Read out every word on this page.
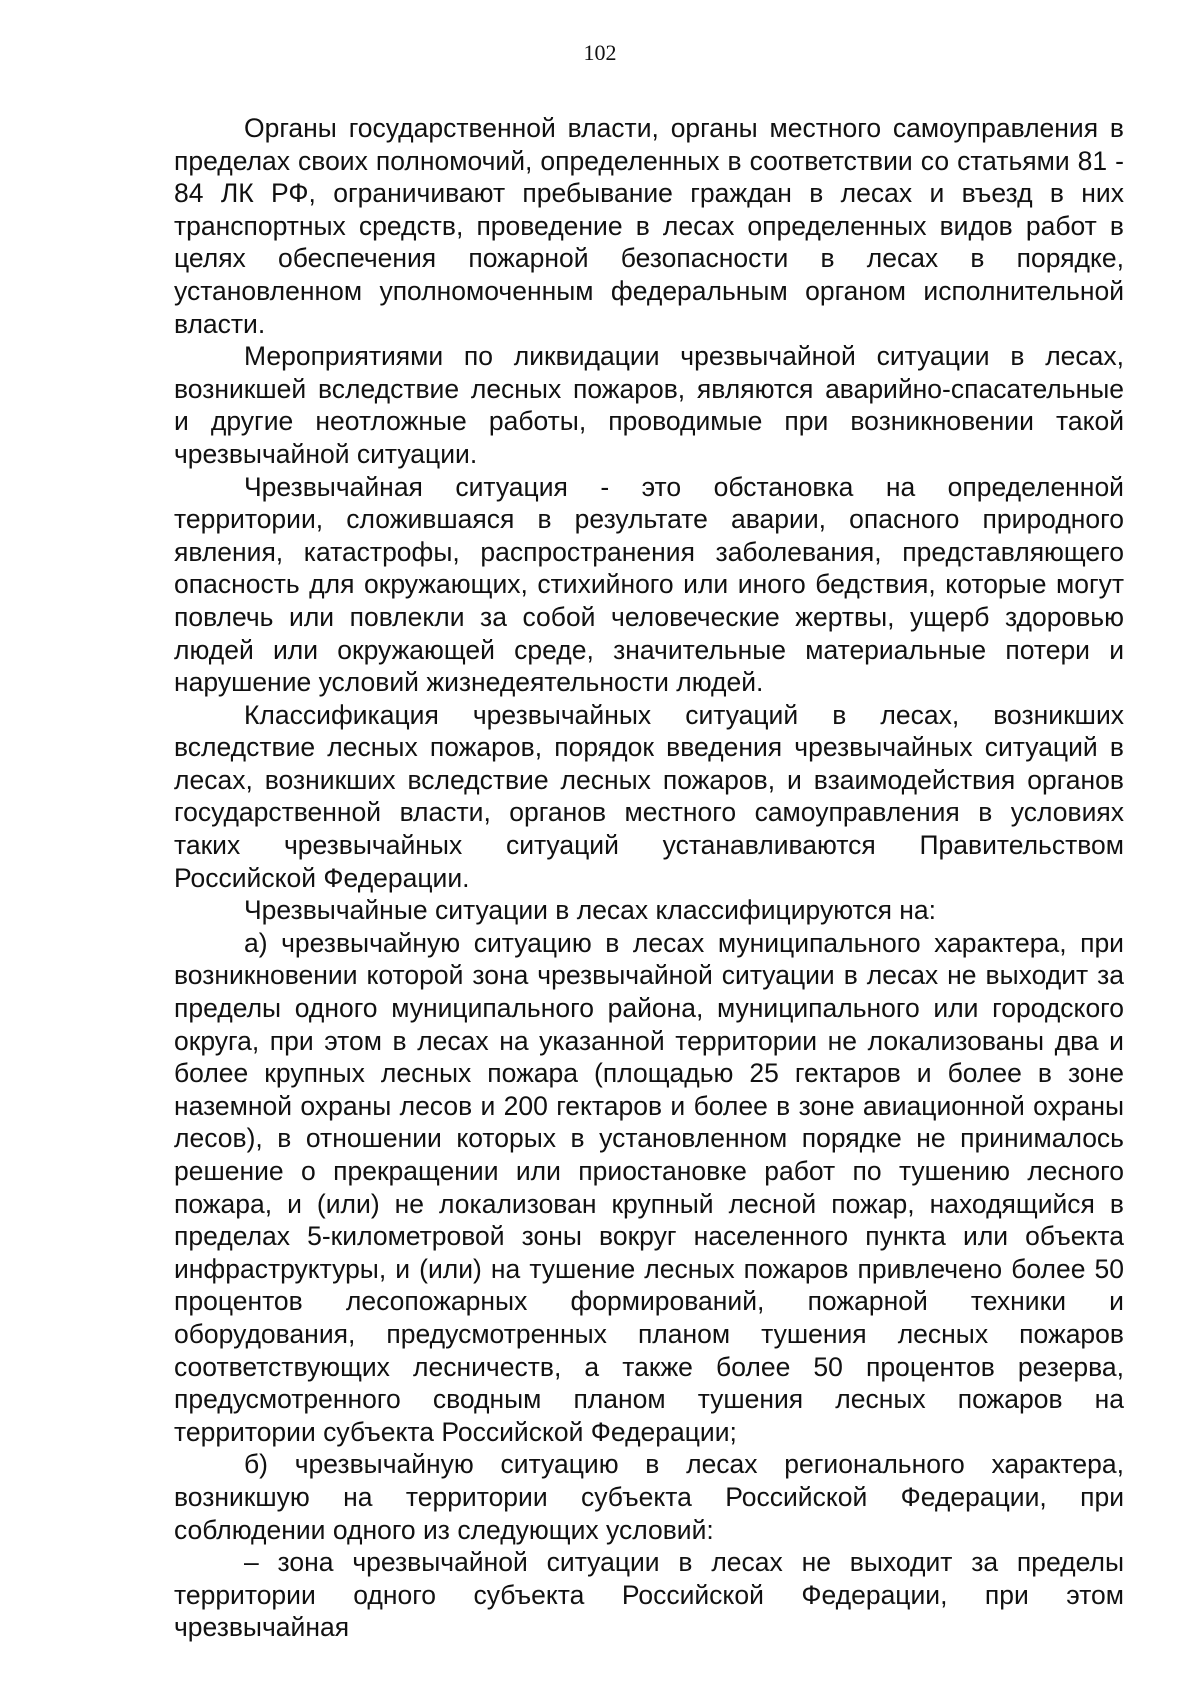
102

Органы государственной власти, органы местного самоуправления в пределах своих полномочий, определенных в соответствии со статьями 81 - 84 ЛК РФ, ограничивают пребывание граждан в лесах и въезд в них транспортных средств, проведение в лесах определенных видов работ в целях обеспечения пожарной безопасности в лесах в порядке, установленном уполномоченным федеральным органом исполнительной власти.

Мероприятиями по ликвидации чрезвычайной ситуации в лесах, возникшей вследствие лесных пожаров, являются аварийно-спасательные и другие неотложные работы, проводимые при возникновении такой чрезвычайной ситуации.

Чрезвычайная ситуация - это обстановка на определенной территории, сложившаяся в результате аварии, опасного природного явления, катастрофы, распространения заболевания, представляющего опасность для окружающих, стихийного или иного бедствия, которые могут повлечь или повлекли за собой человеческие жертвы, ущерб здоровью людей или окружающей среде, значительные материальные потери и нарушение условий жизнедеятельности людей.

Классификация чрезвычайных ситуаций в лесах, возникших вследствие лесных пожаров, порядок введения чрезвычайных ситуаций в лесах, возникших вследствие лесных пожаров, и взаимодействия органов государственной власти, органов местного самоуправления в условиях таких чрезвычайных ситуаций устанавливаются Правительством Российской Федерации.

Чрезвычайные ситуации в лесах классифицируются на:

а) чрезвычайную ситуацию в лесах муниципального характера, при возникновении которой зона чрезвычайной ситуации в лесах не выходит за пределы одного муниципального района, муниципального или городского округа, при этом в лесах на указанной территории не локализованы два и более крупных лесных пожара (площадью 25 гектаров и более в зоне наземной охраны лесов и 200 гектаров и более в зоне авиационной охраны лесов), в отношении которых в установленном порядке не принималось решение о прекращении или приостановке работ по тушению лесного пожара, и (или) не локализован крупный лесной пожар, находящийся в пределах 5-километровой зоны вокруг населенного пункта или объекта инфраструктуры, и (или) на тушение лесных пожаров привлечено более 50 процентов лесопожарных формирований, пожарной техники и оборудования, предусмотренных планом тушения лесных пожаров соответствующих лесничеств, а также более 50 процентов резерва, предусмотренного сводным планом тушения лесных пожаров на территории субъекта Российской Федерации;

б) чрезвычайную ситуацию в лесах регионального характера, возникшую на территории субъекта Российской Федерации, при соблюдении одного из следующих условий:

– зона чрезвычайной ситуации в лесах не выходит за пределы территории одного субъекта Российской Федерации, при этом чрезвычайная
